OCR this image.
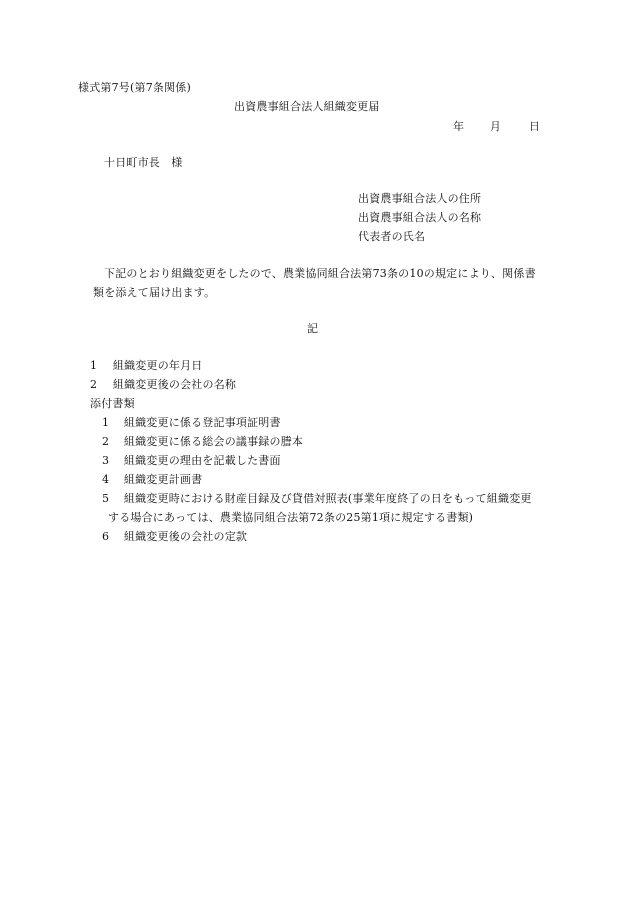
様式第7号(第7条関係)
出資農事組合法人組織変更届
年 月	日
十日町市長　様
出資農事組合法人の住所
出資農事組合法人の名称
代表者の氏名
下記のとおり組織変更をしたので、農業協同組合法第73条の10の規定により、関係書
類を添えて届け出ます。
記
1 組織変更の年月日
2 組織変更後の会社の名称
添付書類
1 組織変更に係る登記事項証明書
2 組織変更に係る総会の議事録の謄本
3 組織変更の理由を記載した書面
4 組織変更計画書
5 組織変更時における財産目録及び貸借対照表(事業年度終了の日をもって組織変更
する場合にあっては、農業協同組合法第72条の25第1項に規定する書類)
6 組織変更後の会社の定款
